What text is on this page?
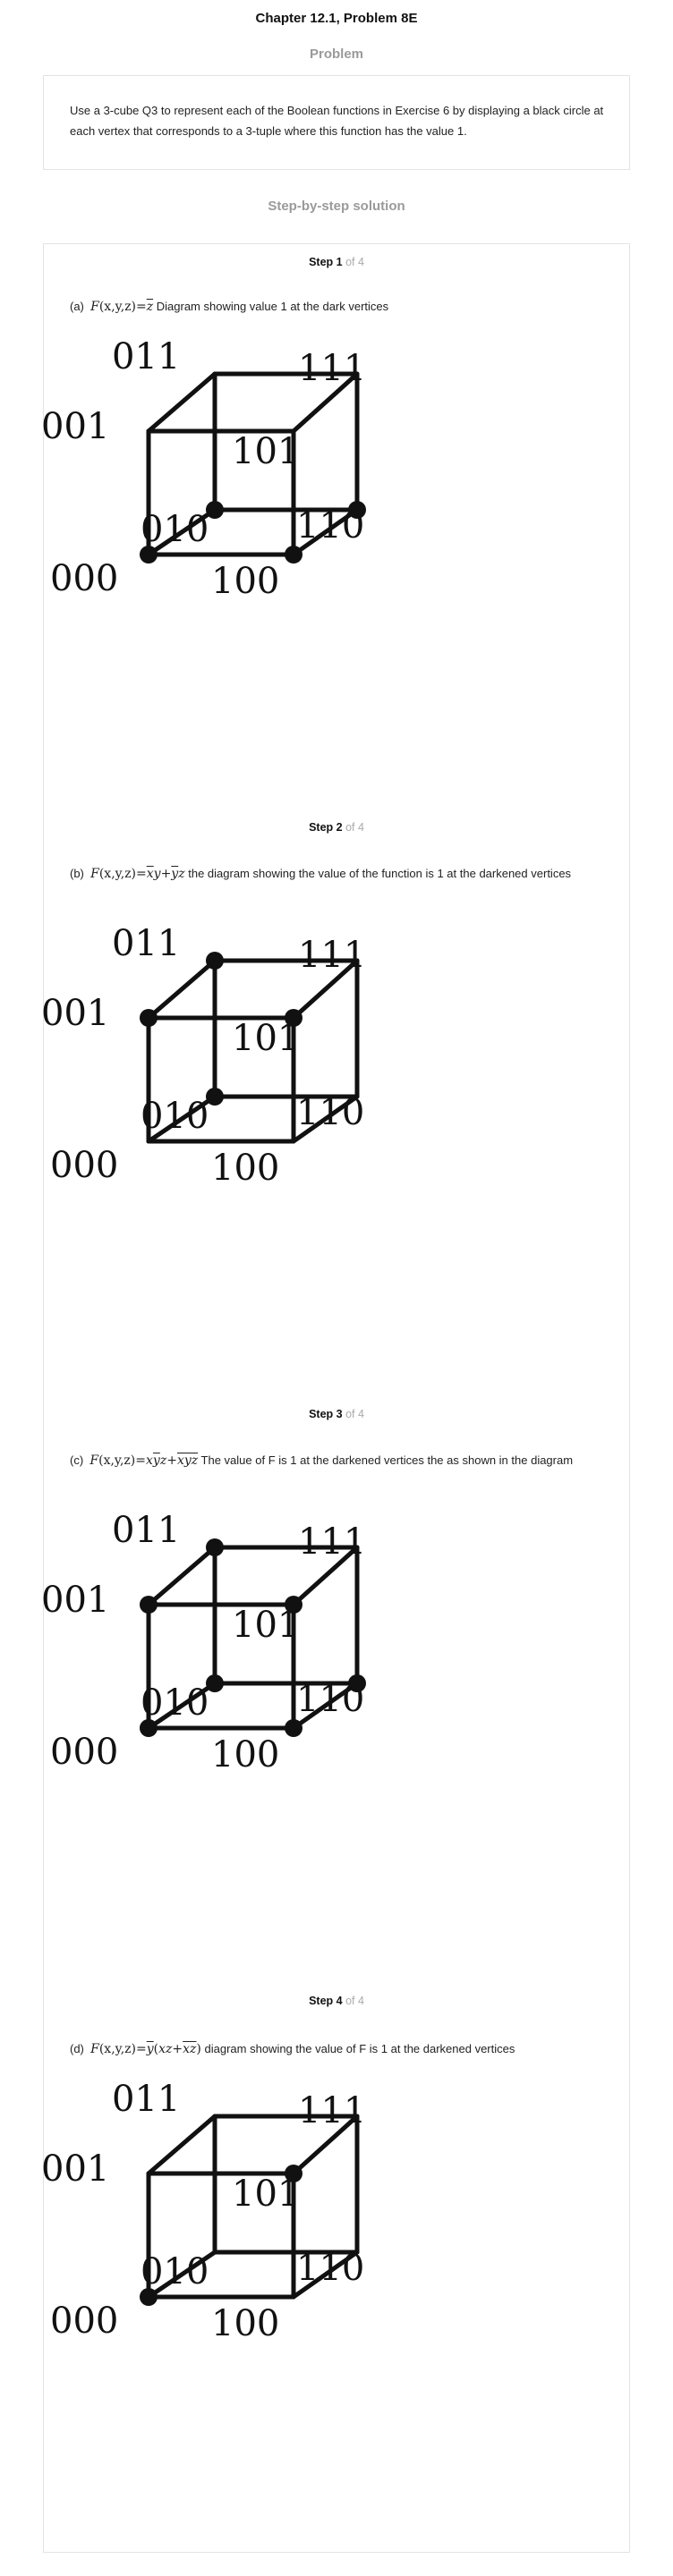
Chapter 12.1, Problem 8E
Problem
Use a 3-cube Q3 to represent each of the Boolean functions in Exercise 6 by displaying a black circle at each vertex that corresponds to a 3-tuple where this function has the value 1.
Step-by-step solution
Step 1 of 4
(a) $F(x,y,z)=\overline{z}$ Diagram showing value 1 at the dark vertices
100
101
110
111
000
010
001
011
Step 2 of 4
(b) $F(x,y,z)=\overline{x}y+\overline{y}z$ the diagram showing the value of the function is 1 at the darkened vertices
100
101
110
111
000
010
001
011
Step 3 of 4
(c) $F(x,y,z)=x\overline{y}z+\overline{xyz}$ The value of F is 1 at the darkened vertices the as shown in the diagram
100
101
110
111
000
010
001
011
Step 4 of 4
(d) $F(x,y,z)=\overline{y}(xz+\overline{xz})$ diagram showing the value of F is 1 at the darkened vertices
100
101
110
111
000
010
001
011
